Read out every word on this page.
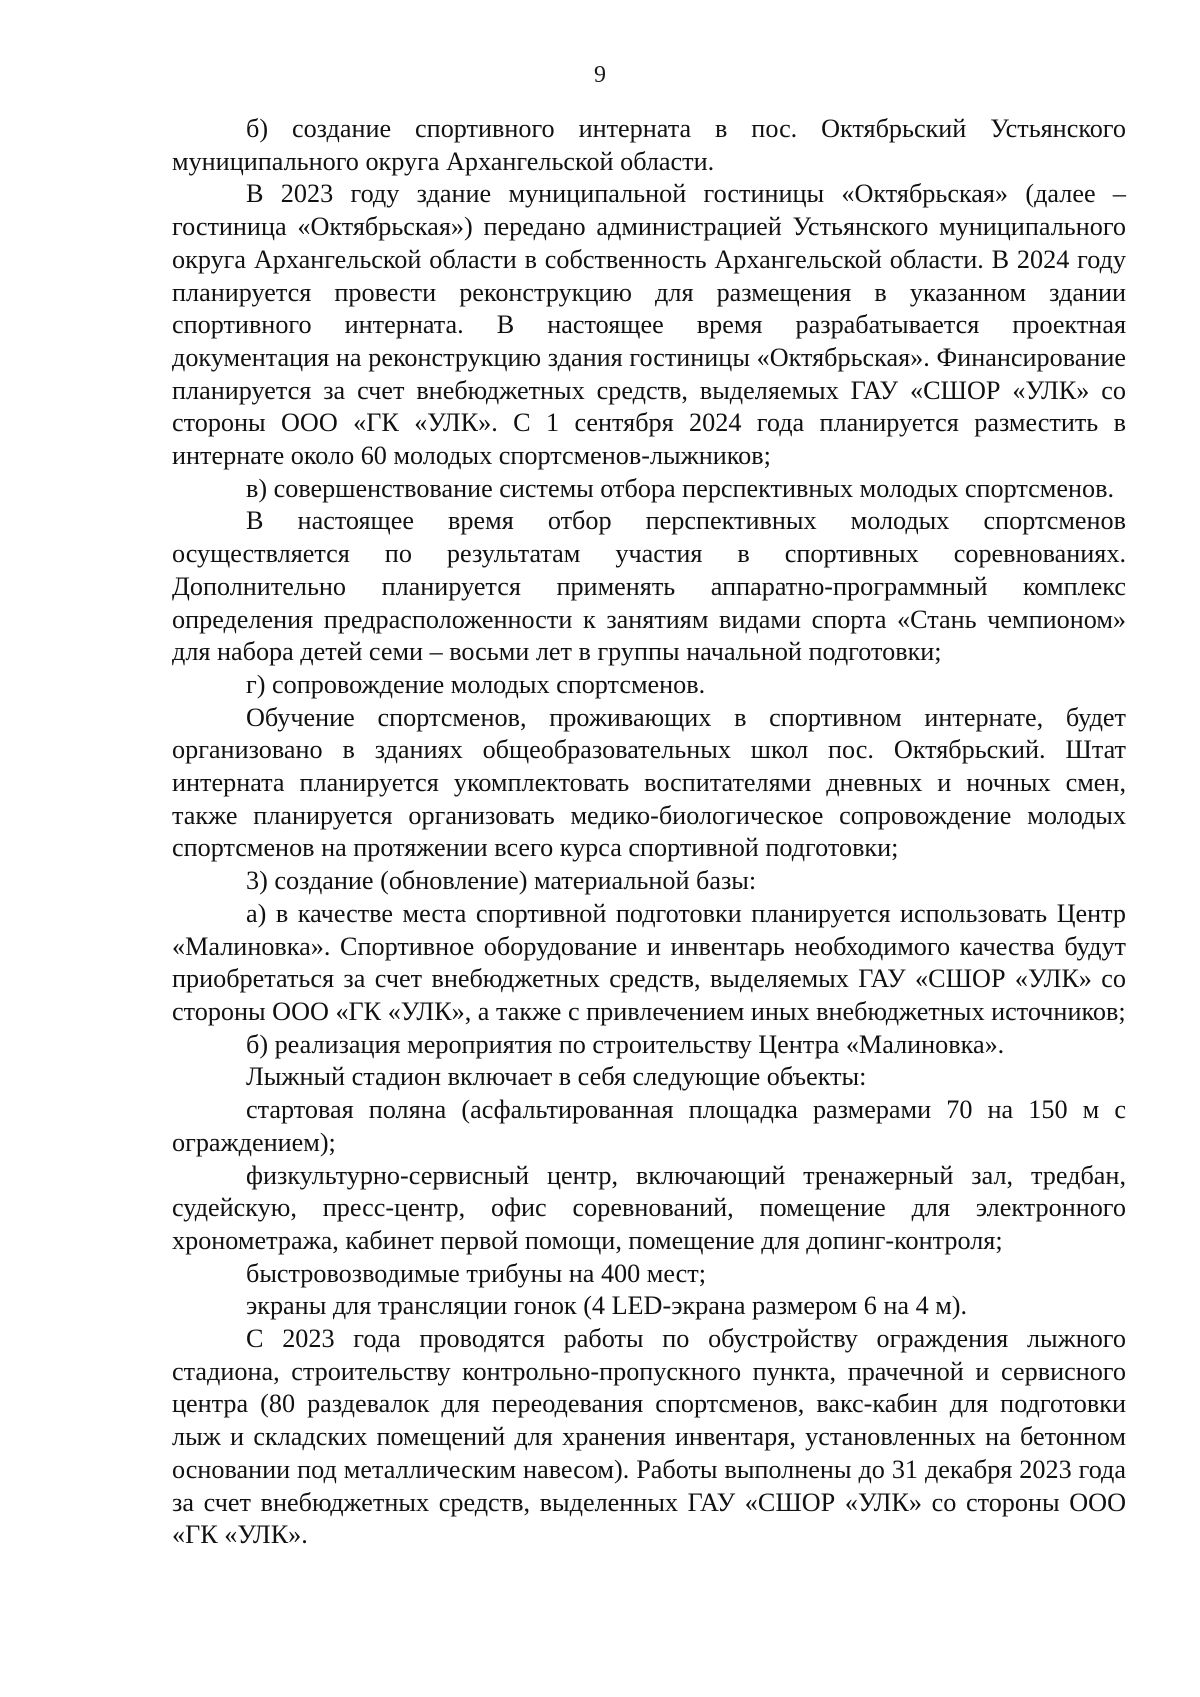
9

б) создание спортивного интерната в пос. Октябрьский Устьянского муниципального округа Архангельской области.

В 2023 году здание муниципальной гостиницы «Октябрьская» (далее – гостиница «Октябрьская») передано администрацией Устьянского муниципального округа Архангельской области в собственность Архангельской области. В 2024 году планируется провести реконструкцию для размещения в указанном здании спортивного интерната. В настоящее время разрабатывается проектная документация на реконструкцию здания гостиницы «Октябрьская». Финансирование планируется за счет внебюджетных средств, выделяемых ГАУ «СШОР «УЛК» со стороны ООО «ГК «УЛК». С 1 сентября 2024 года планируется разместить в интернате около 60 молодых спортсменов-лыжников;

в) совершенствование системы отбора перспективных молодых спортсменов.

В настоящее время отбор перспективных молодых спортсменов осуществляется по результатам участия в спортивных соревнованиях. Дополнительно планируется применять аппаратно-программный комплекс определения предрасположенности к занятиям видами спорта «Стань чемпионом» для набора детей семи – восьми лет в группы начальной подготовки;

г) сопровождение молодых спортсменов.

Обучение спортсменов, проживающих в спортивном интернате, будет организовано в зданиях общеобразовательных школ пос. Октябрьский. Штат интерната планируется укомплектовать воспитателями дневных и ночных смен, также планируется организовать медико-биологическое сопровождение молодых спортсменов на протяжении всего курса спортивной подготовки;

3) создание (обновление) материальной базы:

а) в качестве места спортивной подготовки планируется использовать Центр «Малиновка». Спортивное оборудование и инвентарь необходимого качества будут приобретаться за счет внебюджетных средств, выделяемых ГАУ «СШОР «УЛК» со стороны ООО «ГК «УЛК», а также с привлечением иных внебюджетных источников;

б) реализация мероприятия по строительству Центра «Малиновка».

Лыжный стадион включает в себя следующие объекты:

стартовая поляна (асфальтированная площадка размерами 70 на 150 м с ограждением);

физкультурно-сервисный центр, включающий тренажерный зал, тредбан, судейскую, пресс-центр, офис соревнований, помещение для электронного хронометража, кабинет первой помощи, помещение для допинг-контроля;

быстровозводимые трибуны на 400 мест;

экраны для трансляции гонок (4 LED-экрана размером 6 на 4 м).

С 2023 года проводятся работы по обустройству ограждения лыжного стадиона, строительству контрольно-пропускного пункта, прачечной и сервисного центра (80 раздевалок для переодевания спортсменов, вакс-кабин для подготовки лыж и складских помещений для хранения инвентаря, установленных на бетонном основании под металлическим навесом). Работы выполнены до 31 декабря 2023 года за счет внебюджетных средств, выделенных ГАУ «СШОР «УЛК» со стороны ООО «ГК «УЛК».
